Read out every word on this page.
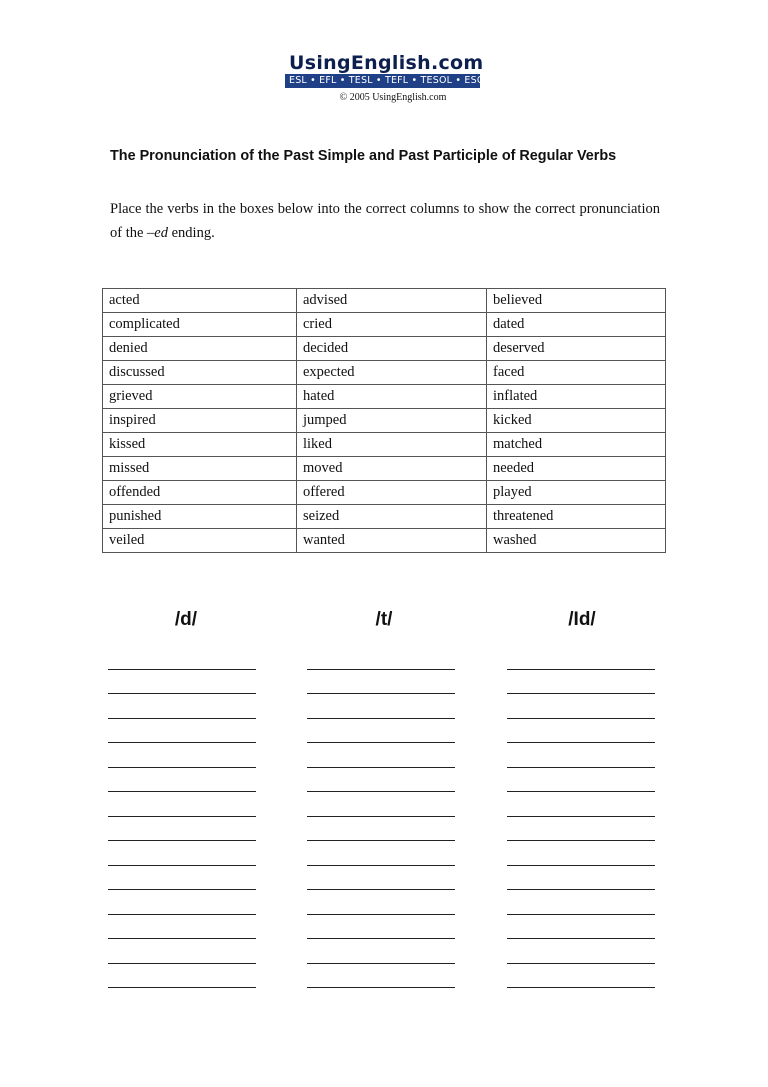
UsingEnglish.com
ESL • EFL • TESL • TEFL • TESOL • ESOL
© 2005 UsingEnglish.com
The Pronunciation of the Past Simple and Past Participle of Regular Verbs
Place the verbs in the boxes below into the correct columns to show the correct pronunciation of the –ed ending.
acted	advised	believed
complicated	cried	dated
denied	decided	deserved
discussed	expected	faced
grieved	hated	inflated
inspired	jumped	kicked
kissed	liked	matched
missed	moved	needed
offended	offered	played
punished	seized	threatened
veiled	wanted	washed
/d/	/t/	/Id/
